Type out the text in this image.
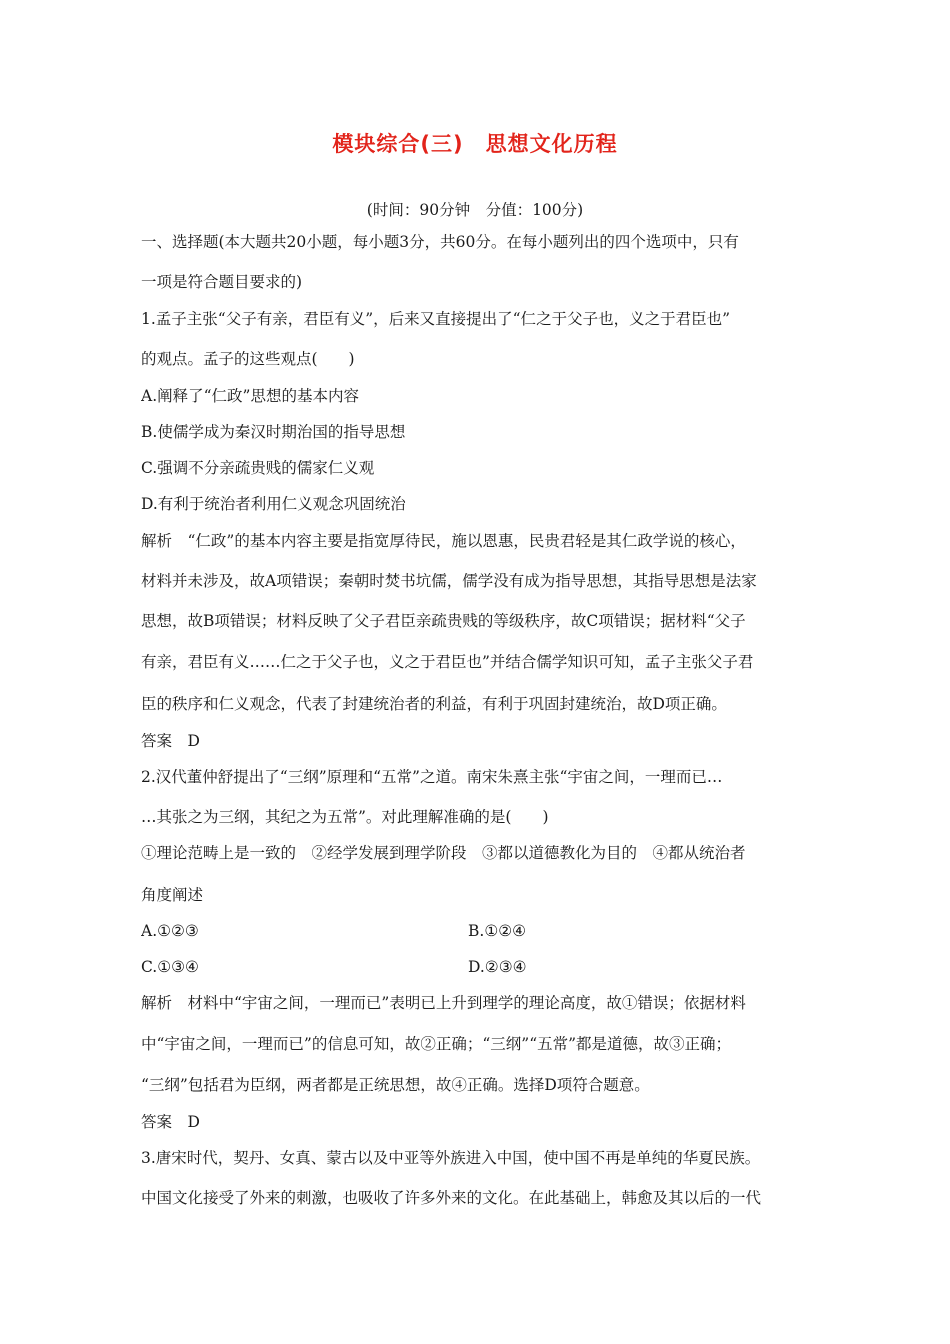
模块综合(三)　思想文化历程
(时间：90分钟　分值：100分)
一、选择题(本大题共20小题，每小题3分，共60分。在每小题列出的四个选项中，只有
一项是符合题目要求的)
1.孟子主张“父子有亲，君臣有义”，后来又直接提出了“仁之于父子也，义之于君臣也”
的观点。孟子的这些观点(　　)
A.阐释了“仁政”思想的基本内容
B.使儒学成为秦汉时期治国的指导思想
C.强调不分亲疏贵贱的儒家仁义观
D.有利于统治者利用仁义观念巩固统治
解析　“仁政”的基本内容主要是指宽厚待民，施以恩惠，民贵君轻是其仁政学说的核心，
材料并未涉及，故A项错误；秦朝时焚书坑儒，儒学没有成为指导思想，其指导思想是法家
思想，故B项错误；材料反映了父子君臣亲疏贵贱的等级秩序，故C项错误；据材料“父子
有亲，君臣有义……仁之于父子也，义之于君臣也”并结合儒学知识可知，孟子主张父子君
臣的秩序和仁义观念，代表了封建统治者的利益，有利于巩固封建统治，故D项正确。
答案　D
2.汉代董仲舒提出了“三纲”原理和“五常”之道。南宋朱熹主张“宇宙之间，一理而已…
…其张之为三纲，其纪之为五常”。对此理解准确的是(　　)
①理论范畴上是一致的　②经学发展到理学阶段　③都以道德教化为目的　④都从统治者
角度阐述
A.①②③	B.①②④
C.①③④	D.②③④
解析　材料中“宇宙之间，一理而已”表明已上升到理学的理论高度，故①错误；依据材料
中“宇宙之间，一理而已”的信息可知，故②正确；“三纲”“五常”都是道德，故③正确；
“三纲”包括君为臣纲，两者都是正统思想，故④正确。选择D项符合题意。
答案　D
3.唐宋时代，契丹、女真、蒙古以及中亚等外族进入中国，使中国不再是单纯的华夏民族。
中国文化接受了外来的刺激，也吸收了许多外来的文化。在此基础上，韩愈及其以后的一代
